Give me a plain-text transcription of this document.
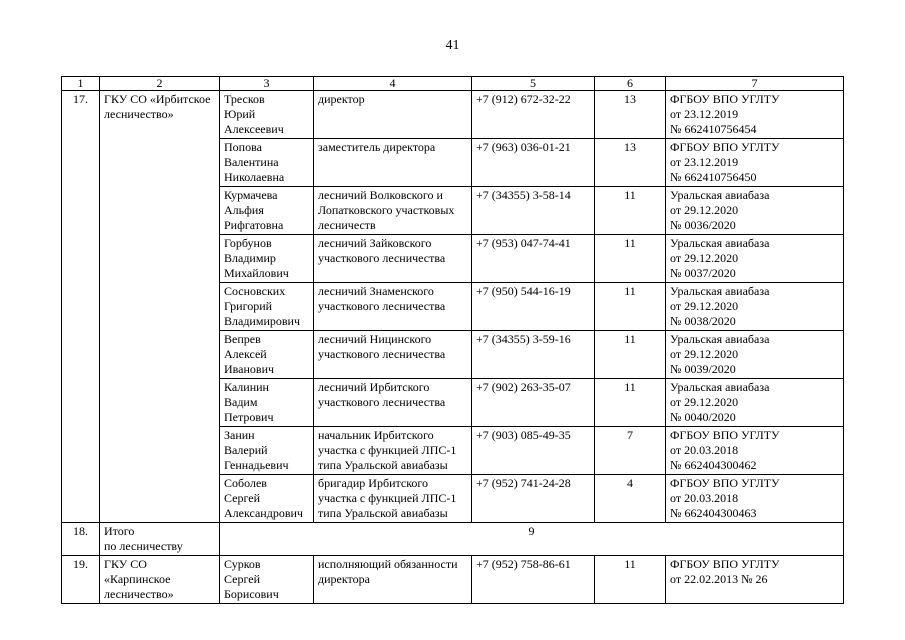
41
1	2	3	4	5	6	7
17.	ГКУ СО «Ирбитское лесничество»	Тресков
Юрий
Алексеевич	директор	+7 (912) 672-32-22	13	ФГБОУ ВПО УГЛТУ
от 23.12.2019
№ 662410756454
		Попова
Валентина
Николаевна	заместитель директора	+7 (963) 036-01-21	13	ФГБОУ ВПО УГЛТУ
от 23.12.2019
№ 662410756450
		Курмачева
Альфия
Рифгатовна	лесничий Волковского и Лопатковского участковых лесничеств	+7 (34355) 3-58-14	11	Уральская авиабаза
от 29.12.2020
№ 0036/2020
		Горбунов
Владимир
Михайлович	лесничий Зайковского участкового лесничества	+7 (953) 047-74-41	11	Уральская авиабаза
от 29.12.2020
№ 0037/2020
		Сосновских
Григорий
Владимирович	лесничий Знаменского участкового лесничества	+7 (950) 544-16-19	11	Уральская авиабаза
от 29.12.2020
№ 0038/2020
		Вепрев
Алексей
Иванович	лесничий Ницинского участкового лесничества	+7 (34355) 3-59-16	11	Уральская авиабаза
от 29.12.2020
№ 0039/2020
		Калинин
Вадим
Петрович	лесничий Ирбитского участкового лесничества	+7 (902) 263-35-07	11	Уральская авиабаза
от 29.12.2020
№ 0040/2020
		Занин
Валерий
Геннадьевич	начальник Ирбитского участка с функцией ЛПС-1 типа Уральской авиабазы	+7 (903) 085-49-35	7	ФГБОУ ВПО УГЛТУ
от 20.03.2018
№ 662404300462
		Соболев
Сергей
Александрович	бригадир Ирбитского участка с функцией ЛПС-1 типа Уральской авиабазы	+7 (952) 741-24-28	4	ФГБОУ ВПО УГЛТУ
от 20.03.2018
№ 662404300463
18.	Итого
по лесничеству	9				
19.	ГКУ СО
«Карпинское
лесничество»	Сурков
Сергей
Борисович	исполняющий обязанности директора	+7 (952) 758-86-61	11	ФГБОУ ВПО УГЛТУ
от 22.02.2013 № 26
